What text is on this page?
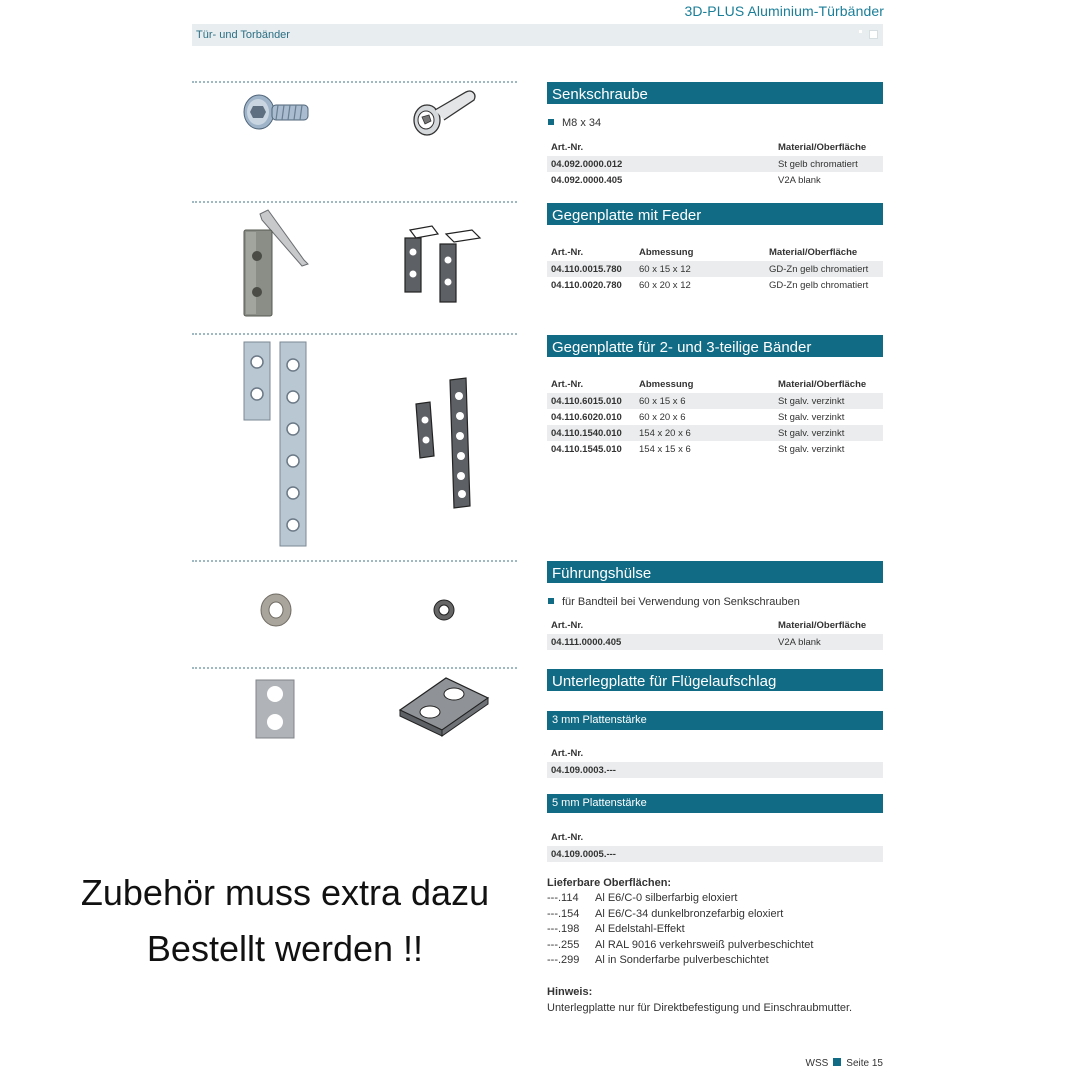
3D-PLUS Aluminium-Türbänder
Tür- und Torbänder
Senkschraube
M8 x 34
Art.-Nr.	Material/Oberfläche
04.092.0000.012	St gelb chromatiert
04.092.0000.405	V2A blank
Gegenplatte mit Feder
Art.-Nr.	Abmessung	Material/Oberfläche
04.110.0015.780 60 x 15 x 12	GD-Zn gelb chromatiert
04.110.0020.780 60 x 20 x 12	GD-Zn gelb chromatiert
Gegenplatte für 2- und 3-teilige Bänder
Art.-Nr.	Abmessung	Material/Oberfläche
04.110.6015.010 60 x 15 x 6	St galv. verzinkt
04.110.6020.010 60 x 20 x 6	St galv. verzinkt
04.110.1540.010 154 x 20 x 6	St galv. verzinkt
04.110.1545.010 154 x 15 x 6	St galv. verzinkt
Führungshülse
für Bandteil bei Verwendung von Senkschrauben
Art.-Nr.	Material/Oberfläche
04.111.0000.405	V2A blank
Unterlegplatte für Flügelaufschlag
3 mm Plattenstärke
Art.-Nr.
04.109.0003.---
5 mm Plattenstärke
Art.-Nr.
04.109.0005.---
Lieferbare Oberflächen:
---.114 Al E6/C-0 silberfarbig eloxiert
---.154 Al E6/C-34 dunkelbronzefarbig eloxiert
---.198 Al Edelstahl-Effekt
---.255 Al RAL 9016 verkehrsweiß pulverbeschichtet
---.299 Al in Sonderfarbe pulverbeschichtet
Hinweis:
Unterlegplatte nur für Direktbefestigung und Einschraubmutter.
Zubehör muss extra dazu
Bestellt werden !!
WSS Seite 15
